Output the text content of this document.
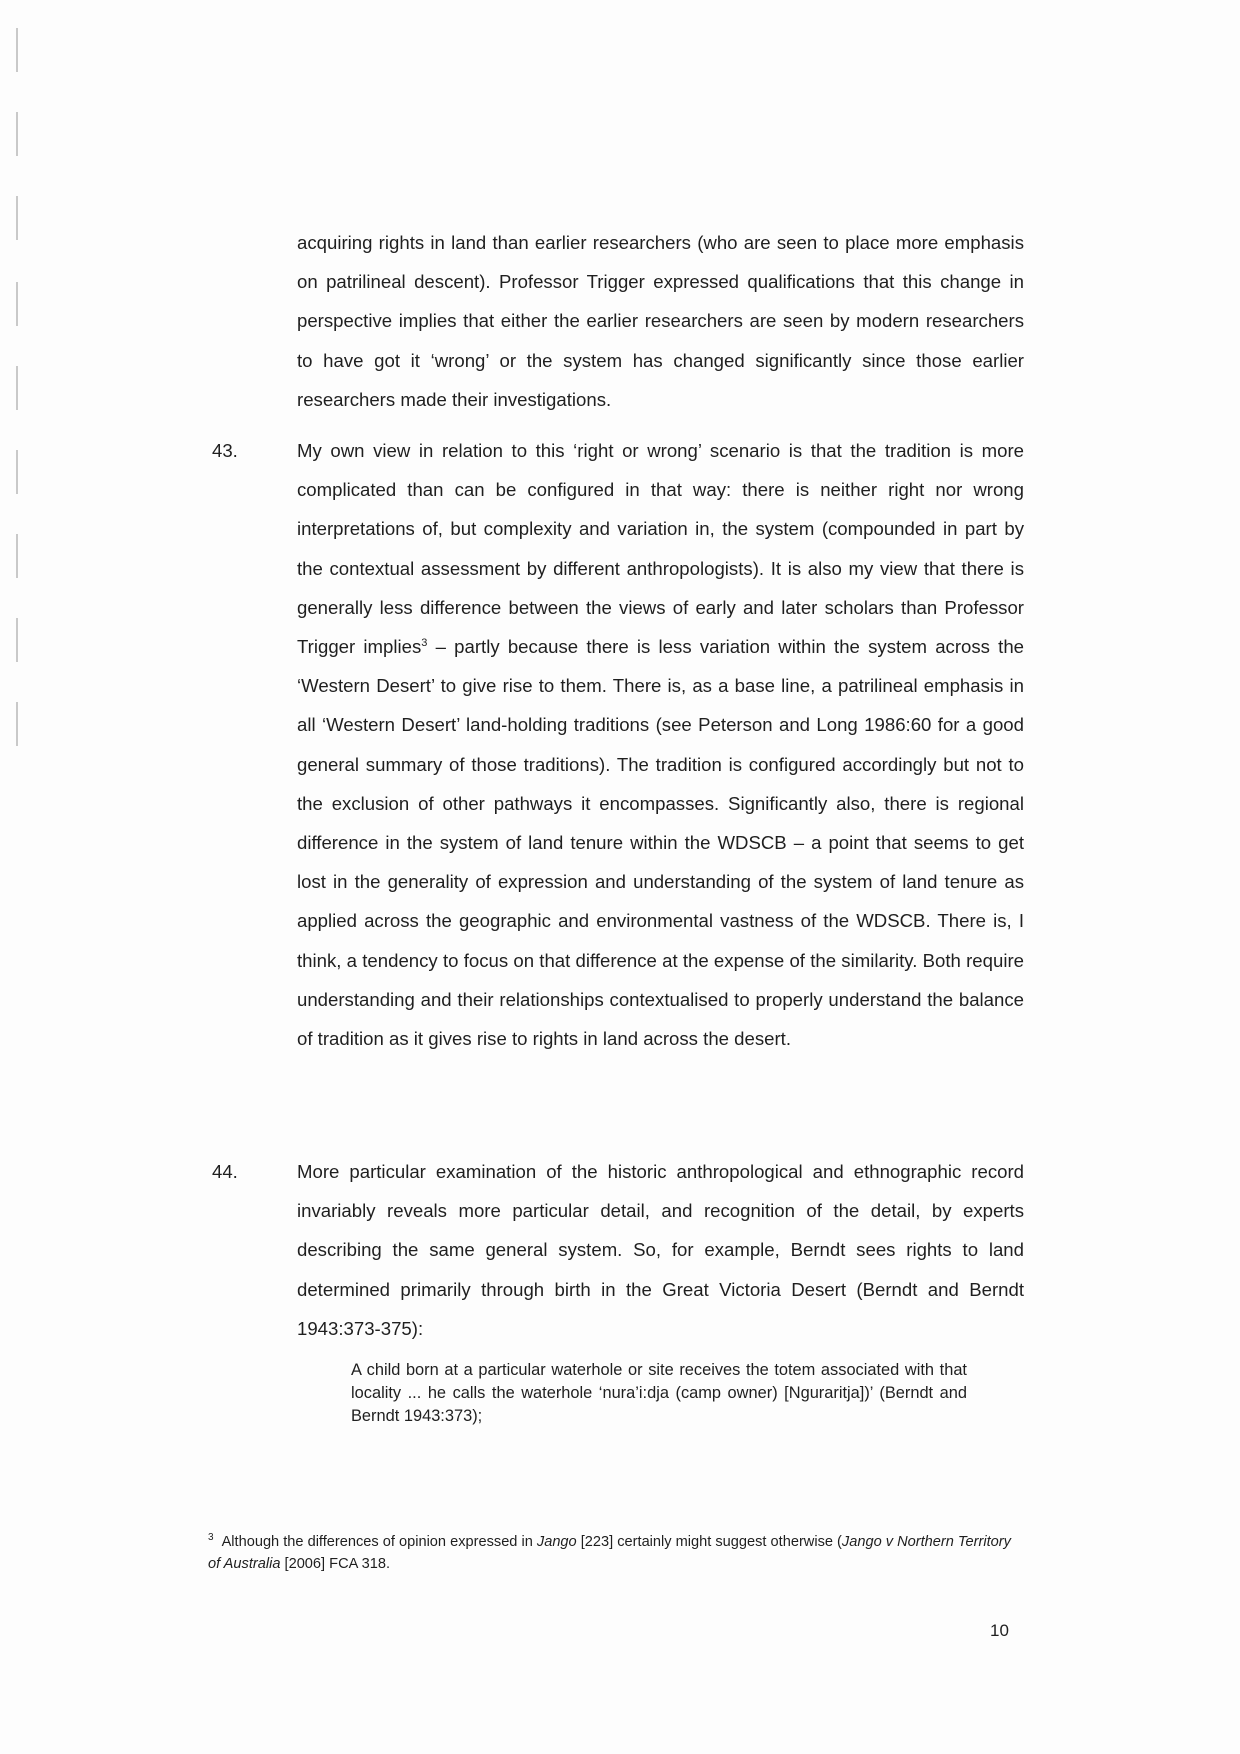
acquiring rights in land than earlier researchers (who are seen to place more emphasis on patrilineal descent). Professor Trigger expressed qualifications that this change in perspective implies that either the earlier researchers are seen by modern researchers to have got it ‘wrong’ or the system has changed significantly since those earlier researchers made their investigations.

43.	My own view in relation to this ‘right or wrong’ scenario is that the tradition is more complicated than can be configured in that way: there is neither right nor wrong interpretations of, but complexity and variation in, the system (compounded in part by the contextual assessment by different anthropologists). It is also my view that there is generally less difference between the views of early and later scholars than Professor Trigger implies$^3$ – partly because there is less variation within the system across the ‘Western Desert’ to give rise to them. There is, as a base line, a patrilineal emphasis in all ‘Western Desert’ land-holding traditions (see Peterson and Long 1986:60 for a good general summary of those traditions). The tradition is configured accordingly but not to the exclusion of other pathways it encompasses. Significantly also, there is regional difference in the system of land tenure within the WDSCB – a point that seems to get lost in the generality of expression and understanding of the system of land tenure as applied across the geographic and environmental vastness of the WDSCB. There is, I think, a tendency to focus on that difference at the expense of the similarity. Both require understanding and their relationships contextualised to properly understand the balance of tradition as it gives rise to rights in land across the desert.

44.	More particular examination of the historic anthropological and ethnographic record invariably reveals more particular detail, and recognition of the detail, by experts describing the same general system. So, for example, Berndt sees rights to land determined primarily through birth in the Great Victoria Desert (Berndt and Berndt 1943:373-375):

A child born at a particular waterhole or site receives the totem associated with that locality ... he calls the waterhole ‘nura’i:dja (camp owner) [Nguraritja])’ (Berndt and Berndt 1943:373);

$^3$ Although the differences of opinion expressed in Jango [223] certainly might suggest otherwise (Jango v Northern Territory of Australia [2006] FCA 318.
10
